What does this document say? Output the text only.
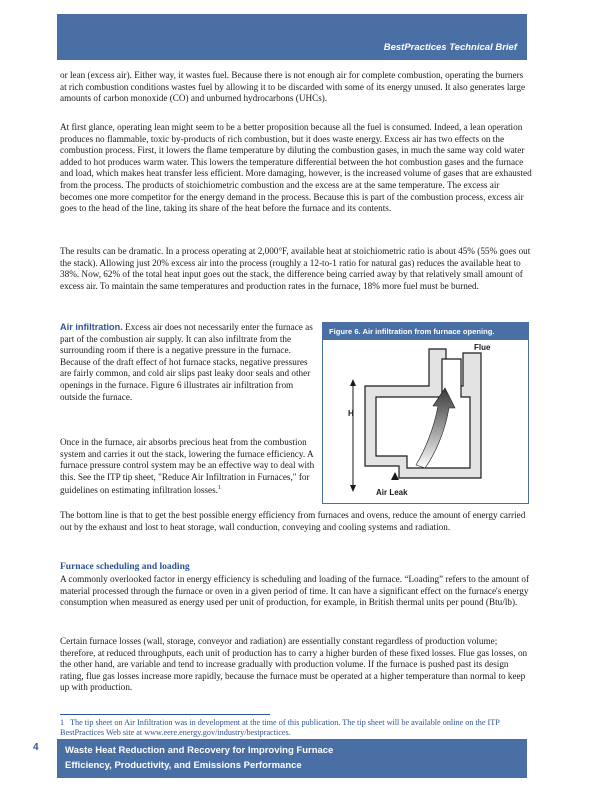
BestPractices Technical Brief

or lean (excess air). Either way, it wastes fuel. Because there is not enough air for complete combustion, operating the burners at rich combustion conditions wastes fuel by allowing it to be discarded with some of its energy unused. It also generates large amounts of carbon monoxide (CO) and unburned hydrocarbons (UHCs).

At first glance, operating lean might seem to be a better proposition because all the fuel is consumed. Indeed, a lean operation produces no flammable, toxic by-products of rich combustion, but it does waste energy. Excess air has two effects on the combustion process. First, it lowers the flame temperature by diluting the combustion gases, in much the same way cold water added to hot produces warm water. This lowers the temperature differential between the hot combustion gases and the furnace and load, which makes heat transfer less efficient. More damaging, however, is the increased volume of gases that are exhausted from the process. The products of stoichiometric combustion and the excess are at the same temperature. The excess air becomes one more competitor for the energy demand in the process. Because this is part of the combustion process, excess air goes to the head of the line, taking its share of the heat before the furnace and its contents.

The results can be dramatic. In a process operating at 2,000°F, available heat at stoichiometric ratio is about 45% (55% goes out the stack). Allowing just 20% excess air into the process (roughly a 12-to-1 ratio for natural gas) reduces the available heat to 38%. Now, 62% of the total heat input goes out the stack, the difference being carried away by that relatively small amount of excess air. To maintain the same temperatures and production rates in the furnace, 18% more fuel must be burned.

Air infiltration. Excess air does not necessarily enter the furnace as part of the combustion air supply. It can also infiltrate from the surrounding room if there is a negative pressure in the furnace. Because of the draft effect of hot furnace stacks, negative pressures are fairly common, and cold air slips past leaky door seals and other openings in the furnace. Figure 6 illustrates air infiltration from outside the furnace.

Once in the furnace, air absorbs precious heat from the combustion system and carries it out the stack, lowering the furnace efficiency. A furnace pressure control system may be an effective way to deal with this. See the ITP tip sheet, "Reduce Air Infiltration in Furnaces," for guidelines on estimating infiltration losses.$^1$

The bottom line is that to get the best possible energy efficiency from furnaces and ovens, reduce the amount of energy carried out by the exhaust and lost to heat storage, wall conduction, conveying and cooling systems and radiation.

Furnace scheduling and loading

A commonly overlooked factor in energy efficiency is scheduling and loading of the furnace. “Loading” refers to the amount of material processed through the furnace or oven in a given period of time. It can have a significant effect on the furnace's energy consumption when measured as energy used per unit of production, for example, in British thermal units per pound (Btu/lb).

Certain furnace losses (wall, storage, conveyor and radiation) are essentially constant regardless of production volume; therefore, at reduced throughputs, each unit of production has to carry a higher burden of these fixed losses. Flue gas losses, on the other hand, are variable and tend to increase gradually with production volume. If the furnace is pushed past its design rating, flue gas losses increase more rapidly, because the furnace must be operated at a higher temperature than normal to keep up with production.

Figure 6. Air infiltration from furnace opening.
Flue
H
Air Leak

1 The tip sheet on Air Infiltration was in development at the time of this publication. The tip sheet will be available online on the ITP BestPractices Web site at www.eere.energy.gov/industry/bestpractices.

4	Waste Heat Reduction and Recovery for Improving Furnace
Efficiency, Productivity, and Emissions Performance
